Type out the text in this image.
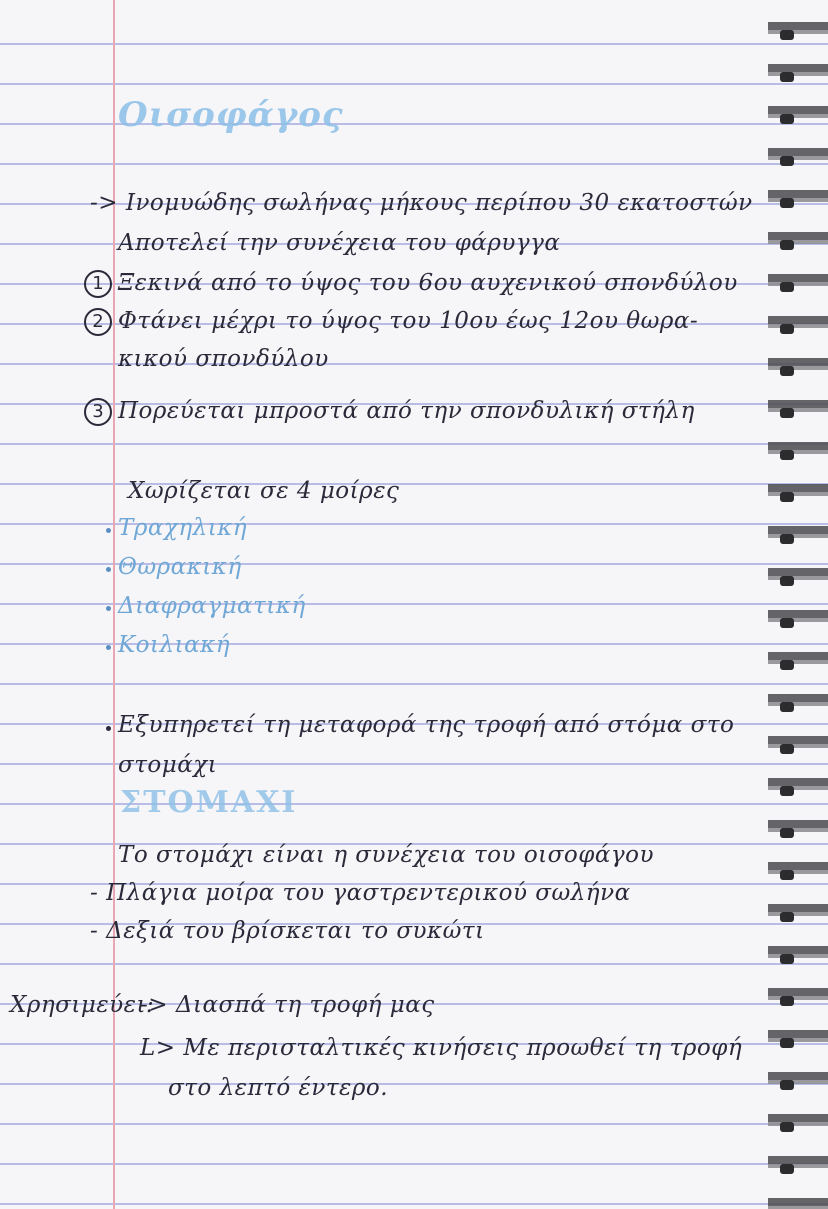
Οισοφάγος
-> Ινομυώδης σωλήνας μήκους περίπου 30 εκατοστών
Αποτελεί την συνέχεια του φάρυγγα
1 Ξεκινά από το ύψος του 6ου αυχενικού σπονδύλου
2 Φτάνει μέχρι το ύψος του 10ου έως 12ου θωρα-
κικού σπονδύλου
3 Πορεύεται μπροστά από την σπονδυλική στήλη
Χωρίζεται σε 4 μοίρες
Τραχηλική
Θωρακική
Διαφραγματική
Κοιλιακή
Εξυπηρετεί τη μεταφορά της τροφή από στόμα στο
στομάχι
ΣΤΟΜΑΧΙ
Το στομάχι είναι η συνέχεια του οισοφάγου
- Πλάγια μοίρα του γαστρεντερικού σωλήνα
- Δεξιά του βρίσκεται το συκώτι
Χρησιμεύει:
-> Διασπά τη τροφή μας
L> Με περισταλτικές κινήσεις προωθεί τη τροφή
στο λεπτό έντερο.
